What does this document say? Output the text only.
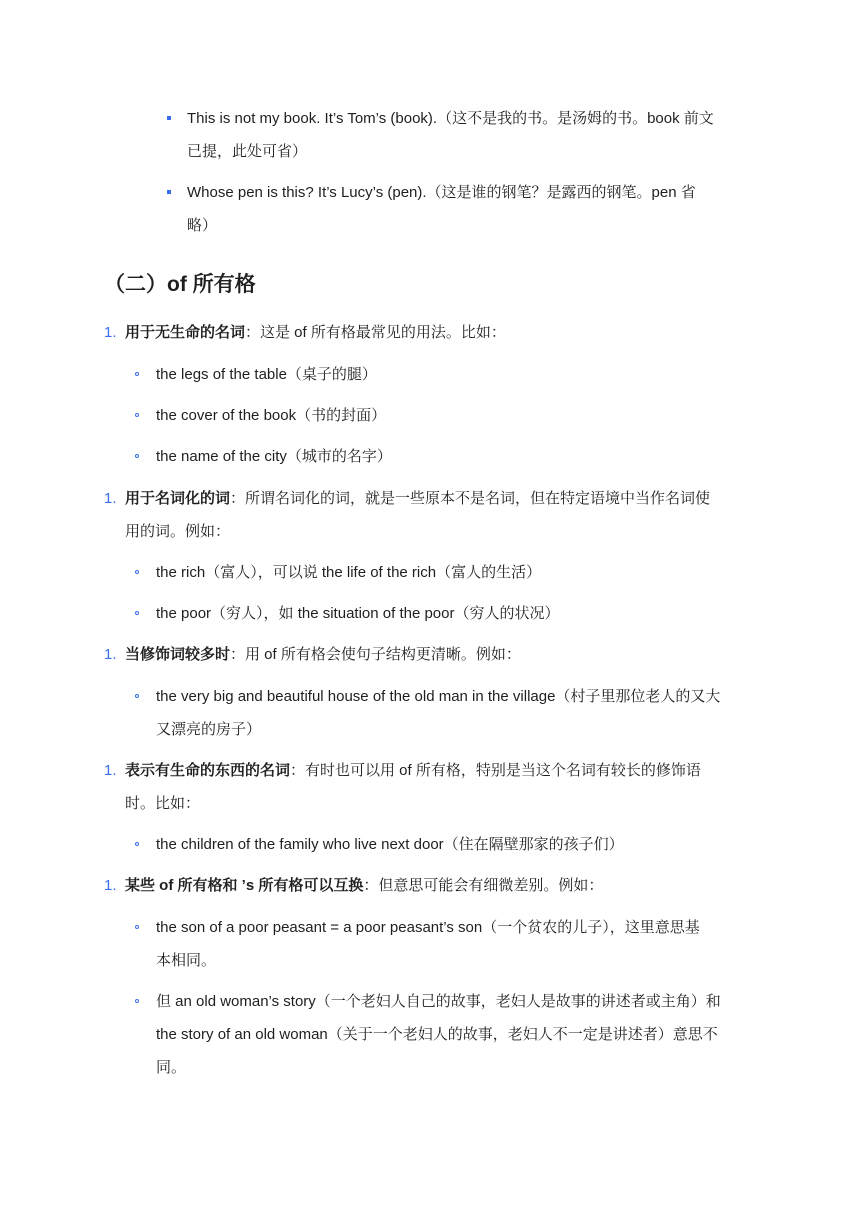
This is not my book. It’s Tom’s (book).（这不是我的书。是汤姆的书。book 前文
已提，此处可省）
Whose pen is this? It’s Lucy’s (pen).（这是谁的钢笔？是露西的钢笔。pen 省
略）
（二）of 所有格
1. 用于无生命的名词：这是 of 所有格最常见的用法。比如：
the legs of the table（桌子的腿）
the cover of the book（书的封面）
the name of the city（城市的名字）
1. 用于名词化的词：所谓名词化的词，就是一些原本不是名词，但在特定语境中当作名词使
用的词。例如：
the rich（富人），可以说 the life of the rich（富人的生活）
the poor（穷人），如 the situation of the poor（穷人的状况）
1. 当修饰词较多时：用 of 所有格会使句子结构更清晰。例如：
the very big and beautiful house of the old man in the village（村子里那位老人的又大
又漂亮的房子）
1. 表示有生命的东西的名词：有时也可以用 of 所有格，特别是当这个名词有较长的修饰语
时。比如：
the children of the family who live next door（住在隔壁那家的孩子们）
1. 某些 of 所有格和 ’s 所有格可以互换：但意思可能会有细微差别。例如：
the son of a poor peasant = a poor peasant’s son（一个贫农的儿子），这里意思基
本相同。
但 an old woman’s story（一个老妇人自己的故事，老妇人是故事的讲述者或主角）和
the story of an old woman（关于一个老妇人的故事，老妇人不一定是讲述者）意思不
同。
